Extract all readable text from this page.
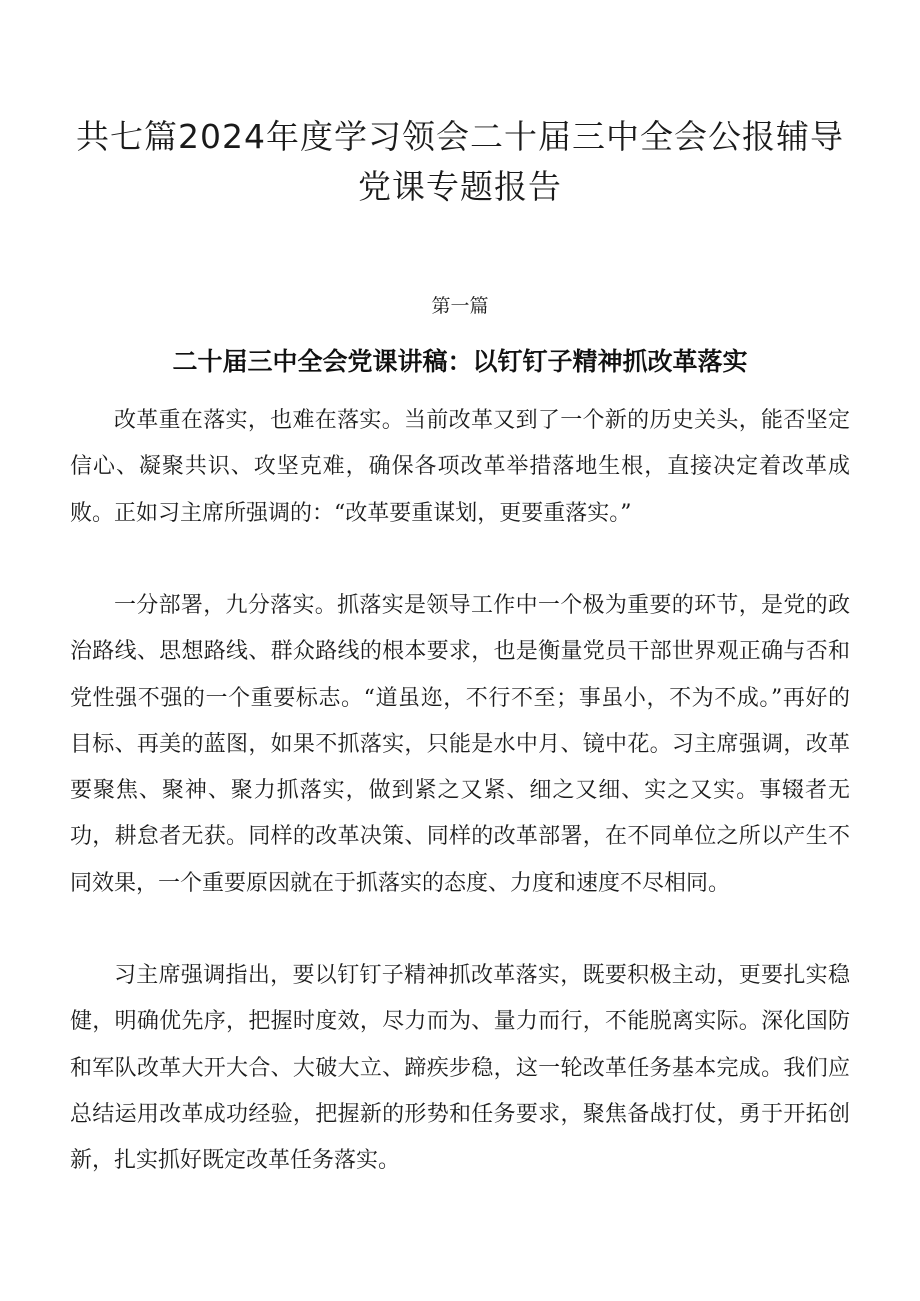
共七篇2024年度学习领会二十届三中全会公报辅导党课专题报告
第一篇
二十届三中全会党课讲稿：以钉钉子精神抓改革落实

改革重在落实，也难在落实。当前改革又到了一个新的历史关头，能否坚定信心、凝聚共识、攻坚克难，确保各项改革举措落地生根，直接决定着改革成败。正如习主席所强调的：“改革要重谋划，更要重落实。”

一分部署，九分落实。抓落实是领导工作中一个极为重要的环节，是党的政治路线、思想路线、群众路线的根本要求，也是衡量党员干部世界观正确与否和党性强不强的一个重要标志。“道虽迩，不行不至；事虽小，不为不成。”再好的目标、再美的蓝图，如果不抓落实，只能是水中月、镜中花。习主席强调，改革要聚焦、聚神、聚力抓落实，做到紧之又紧、细之又细、实之又实。事辍者无功，耕怠者无获。同样的改革决策、同样的改革部署，在不同单位之所以产生不同效果，一个重要原因就在于抓落实的态度、力度和速度不尽相同。

习主席强调指出，要以钉钉子精神抓改革落实，既要积极主动，更要扎实稳健，明确优先序，把握时度效，尽力而为、量力而行，不能脱离实际。深化国防和军队改革大开大合、大破大立、蹄疾步稳，这一轮改革任务基本完成。我们应总结运用改革成功经验，把握新的形势和任务要求，聚焦备战打仗，勇于开拓创新，扎实抓好既定改革任务落实。
